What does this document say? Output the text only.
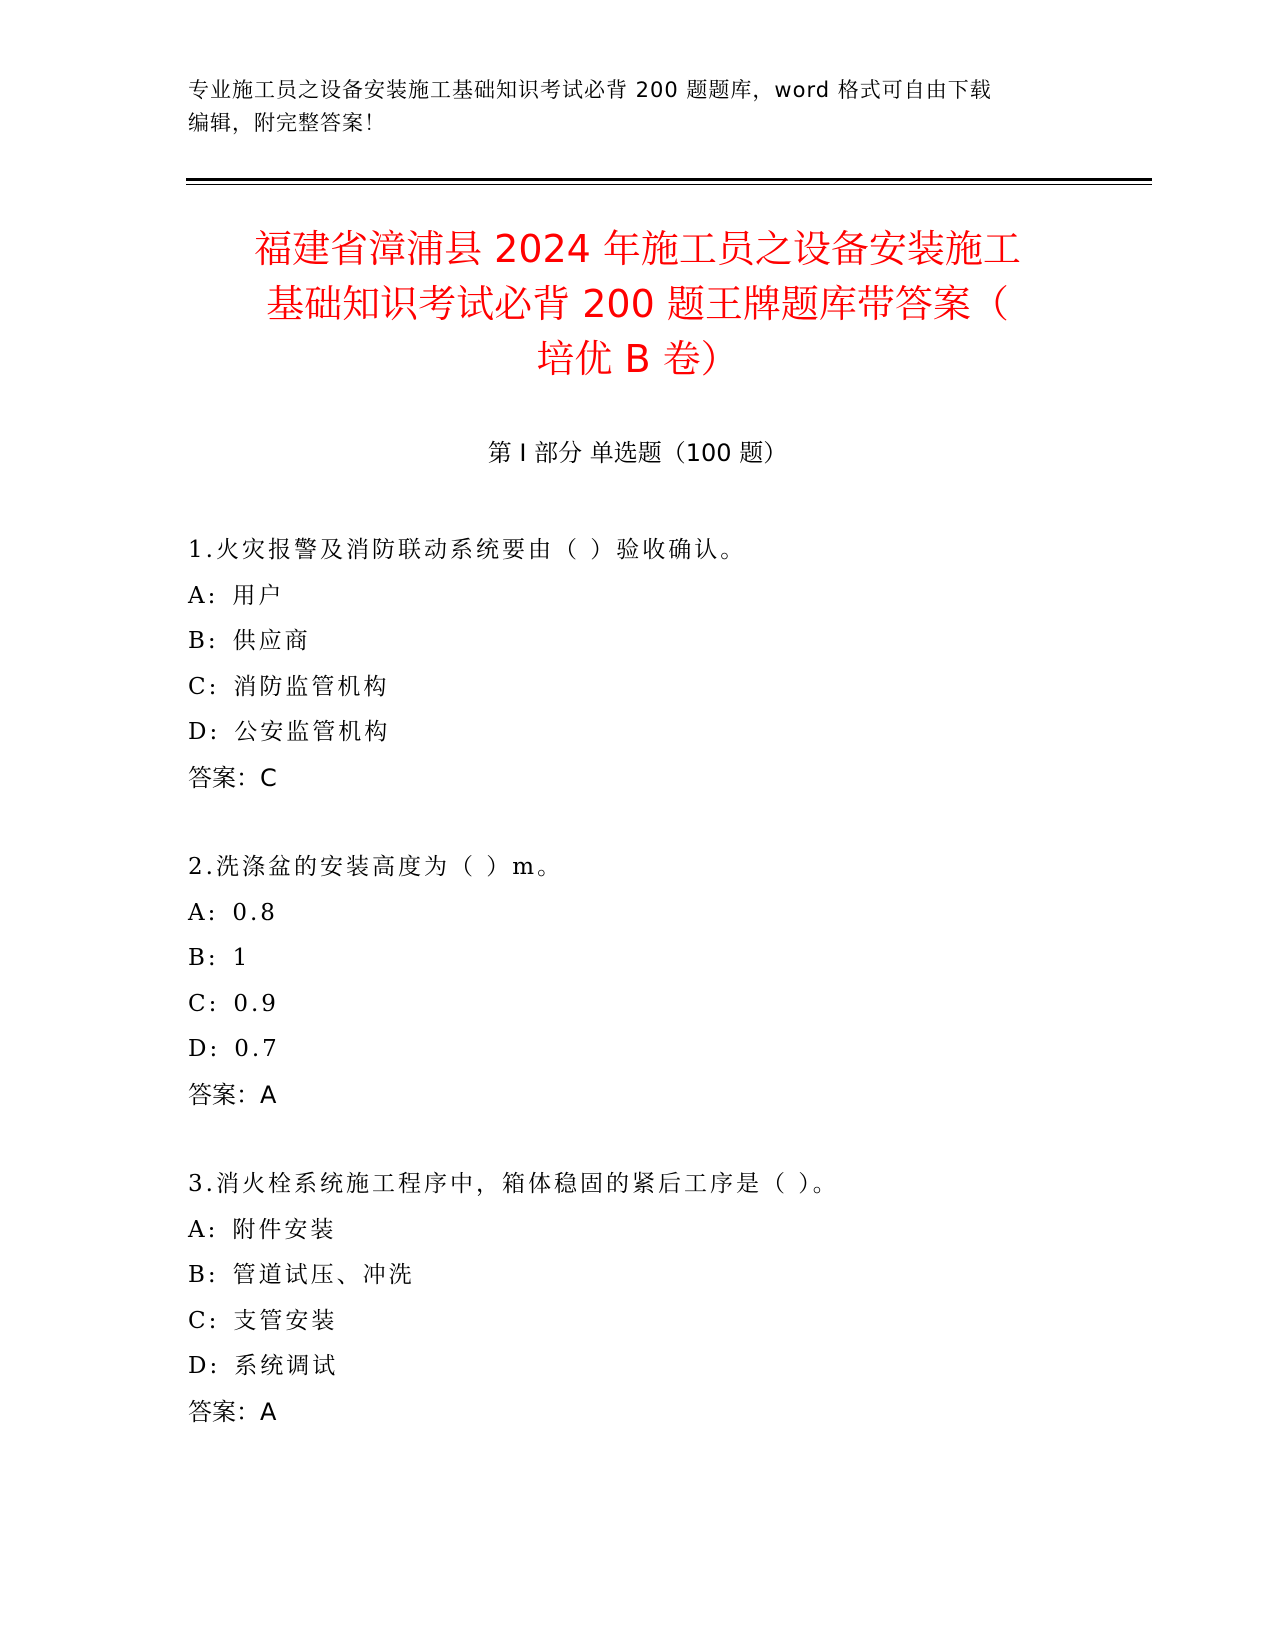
专业施工员之设备安装施工基础知识考试必背 200 题题库，word 格式可自由下载
编辑，附完整答案！
福建省漳浦县 2024 年施工员之设备安装施工
基础知识考试必背 200 题王牌题库带答案（
培优 B 卷）
第 I 部分 单选题（100 题）
1.火灾报警及消防联动系统要由（ ）验收确认。
A: 用户
B: 供应商
C: 消防监管机构
D: 公安监管机构
答案：C
2.洗涤盆的安装高度为（ ）m。
A: 0.8
B: 1
C: 0.9
D: 0.7
答案：A
3.消火栓系统施工程序中，箱体稳固的紧后工序是（ ）。
A: 附件安装
B: 管道试压、冲洗
C: 支管安装
D: 系统调试
答案：A
